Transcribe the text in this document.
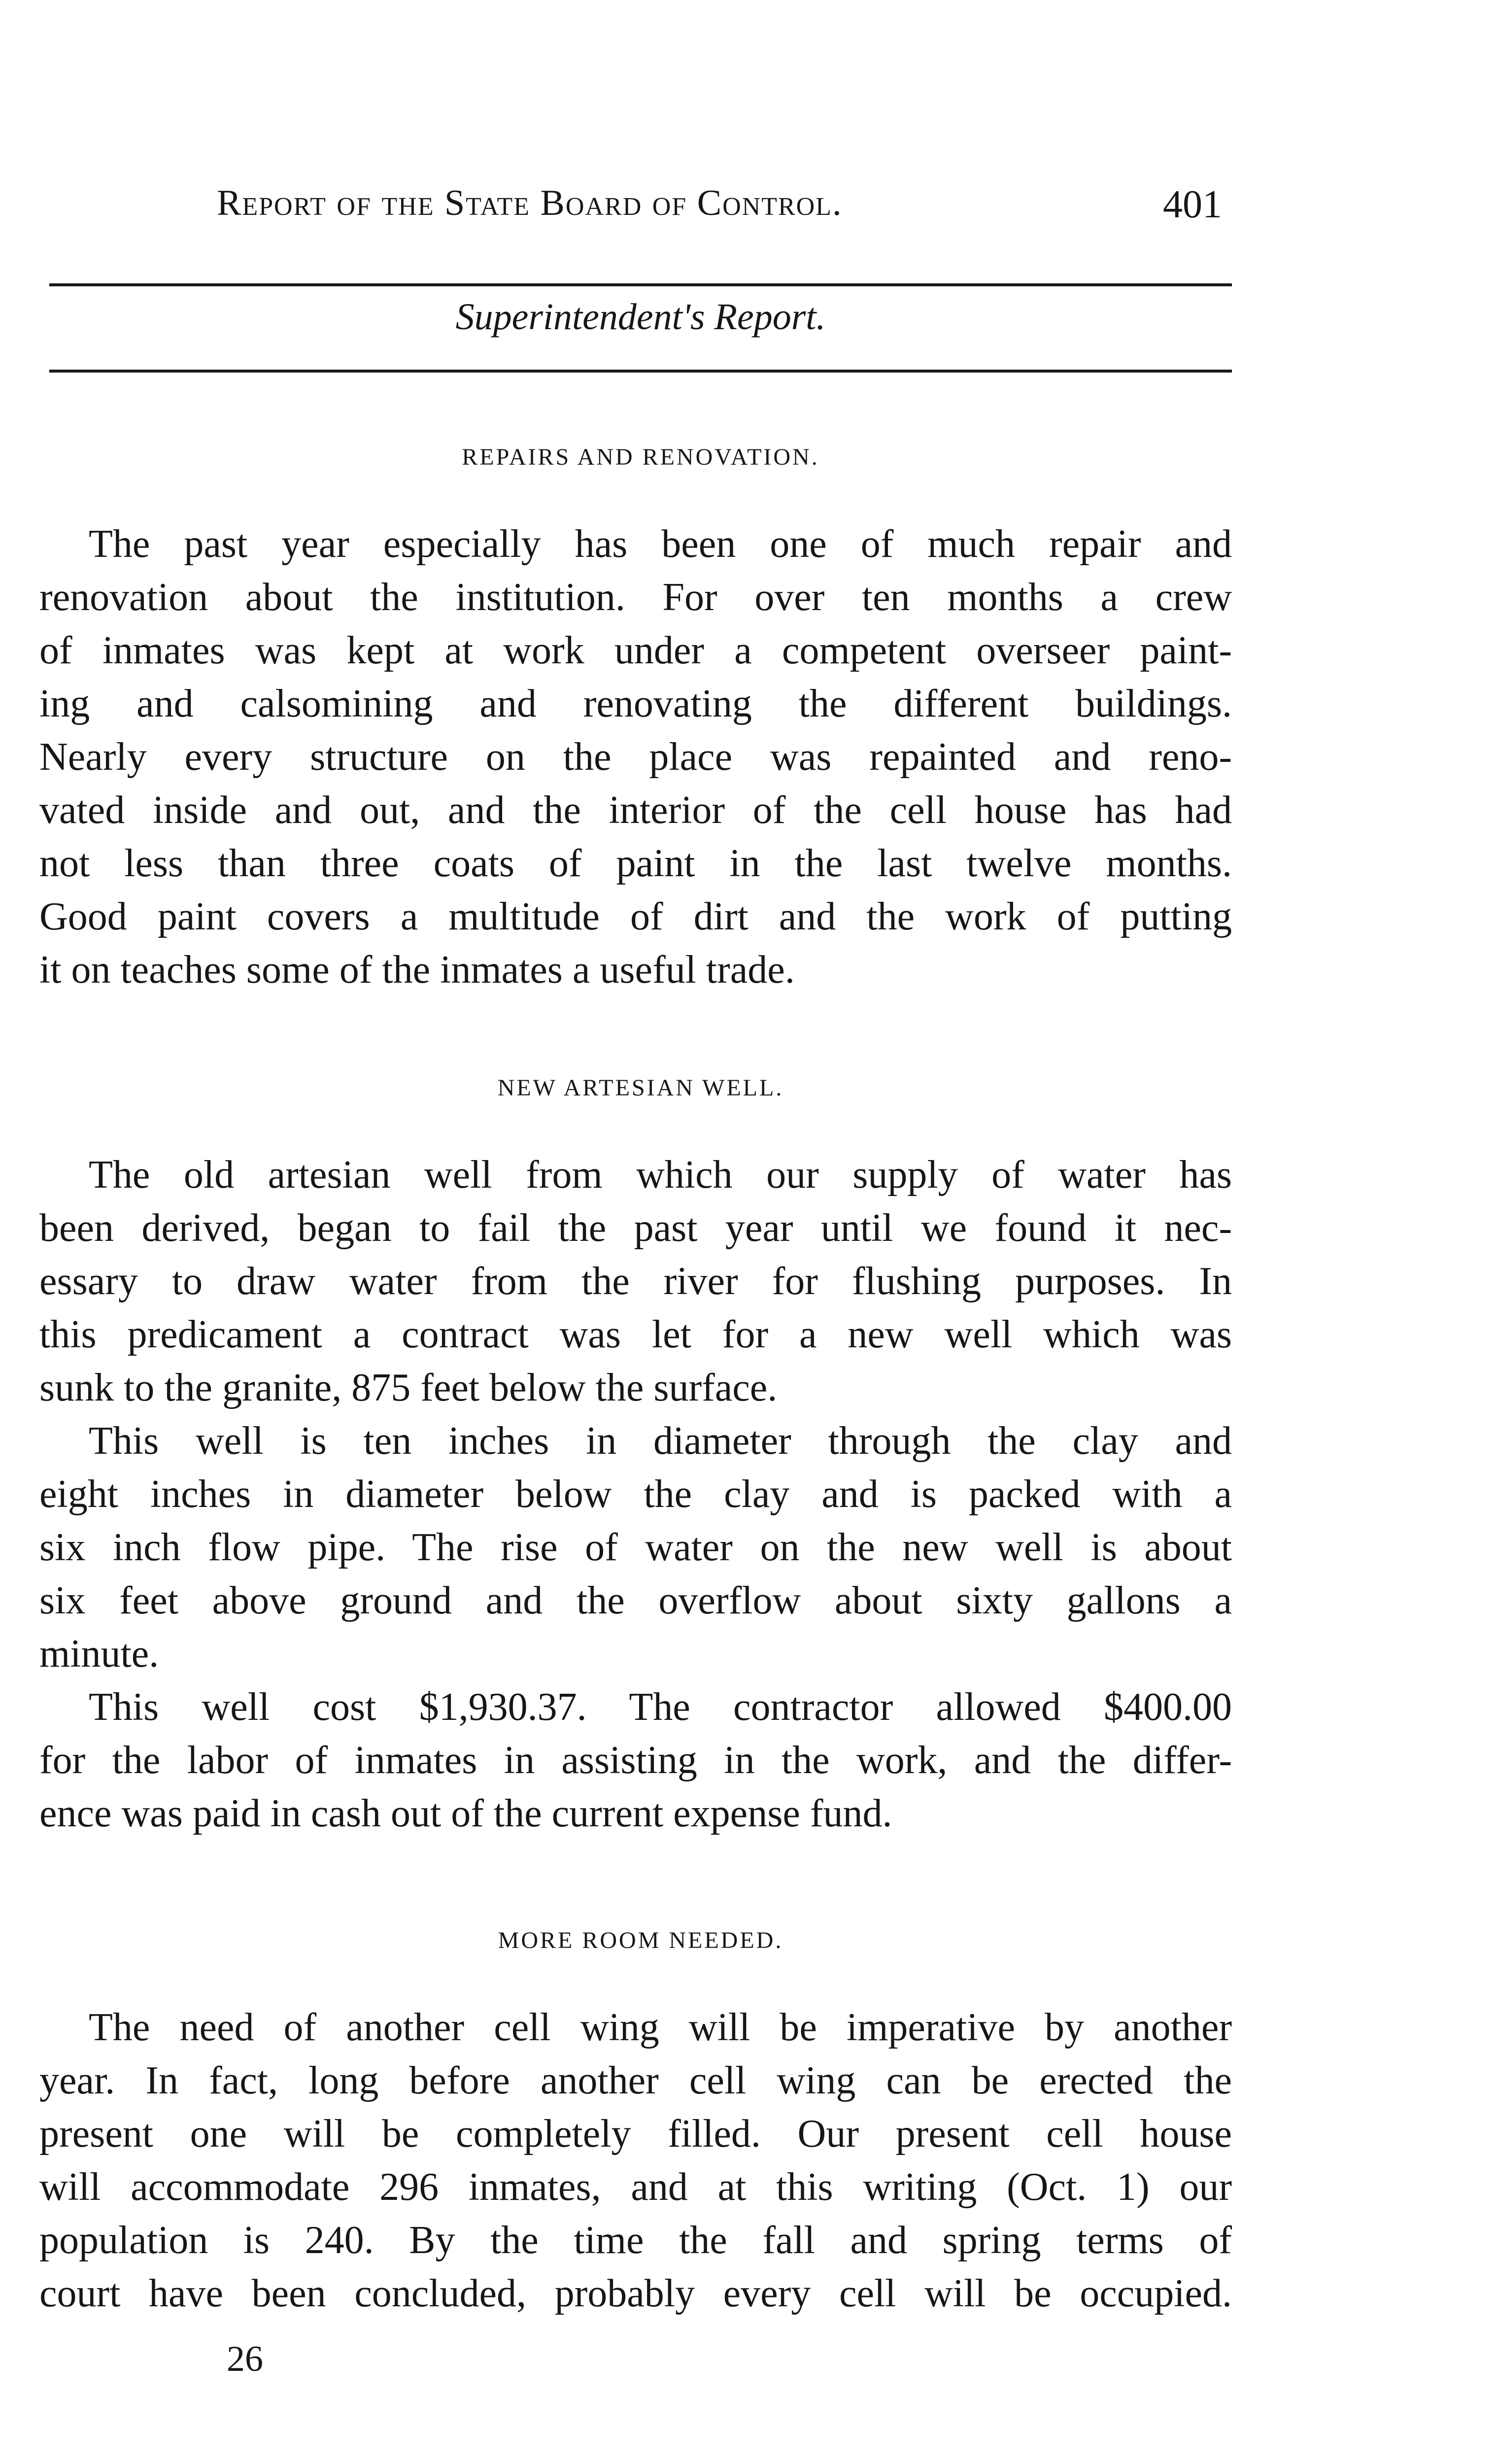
Report of the State Board of Control.	401
Superintendent's Report.
REPAIRS AND RENOVATION.
The past year especially has been one of much repair and
renovation about the institution. For over ten months a crew
of inmates was kept at work under a competent overseer paint-
ing and calsomining and renovating the different buildings.
Nearly every structure on the place was repainted and reno-
vated inside and out, and the interior of the cell house has had
not less than three coats of paint in the last twelve months.
Good paint covers a multitude of dirt and the work of putting
it on teaches some of the inmates a useful trade.
NEW ARTESIAN WELL.
The old artesian well from which our supply of water has
been derived, began to fail the past year until we found it nec-
essary to draw water from the river for flushing purposes. In
this predicament a contract was let for a new well which was
sunk to the granite, 875 feet below the surface.
This well is ten inches in diameter through the clay and
eight inches in diameter below the clay and is packed with a
six inch flow pipe. The rise of water on the new well is about
six feet above ground and the overflow about sixty gallons a
minute.
This well cost $1,930.37. The contractor allowed $400.00
for the labor of inmates in assisting in the work, and the differ-
ence was paid in cash out of the current expense fund.
MORE ROOM NEEDED.
The need of another cell wing will be imperative by another
year. In fact, long before another cell wing can be erected the
present one will be completely filled. Our present cell house
will accommodate 296 inmates, and at this writing (Oct. 1) our
population is 240. By the time the fall and spring terms of
court have been concluded, probably every cell will be occupied.
26
